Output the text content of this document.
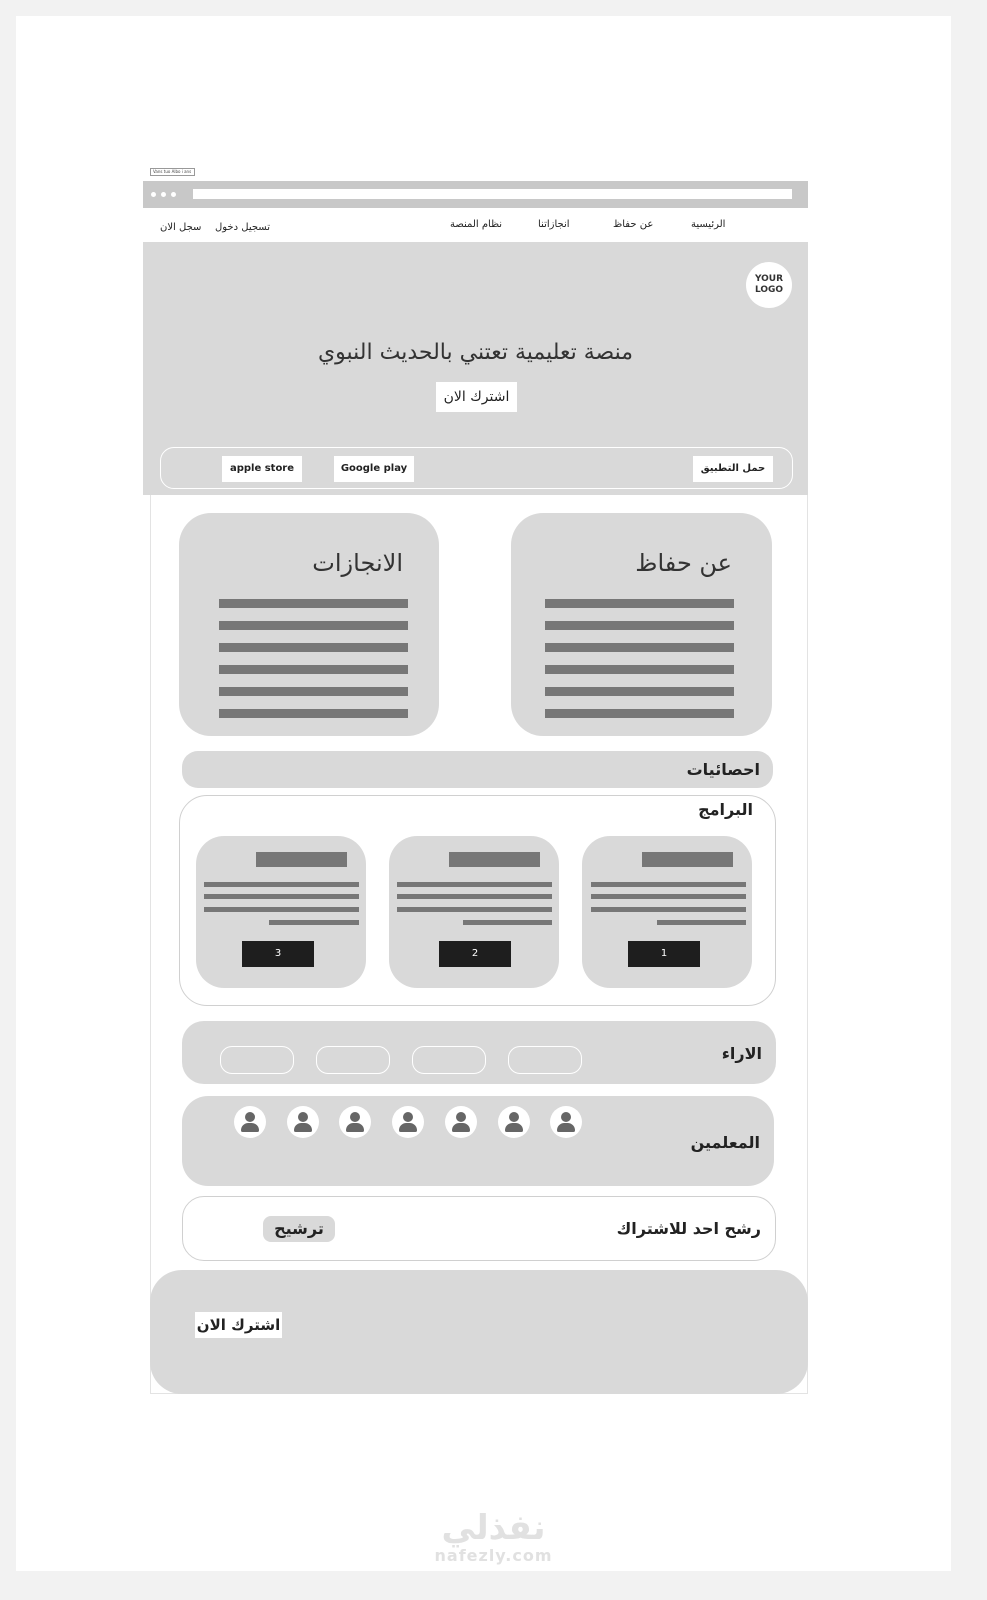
Vans tuo Albo i ans
الرئيسية
عن حفاظ
انجازاتنا
نظام المنصة
تسجيل دخول
سجل الان
YOUR
LOGO
منصة تعليمية تعتني بالحديث النبوي
اشترك الان
حمل التطبيق
Google play
apple store
عن حفاظ
الانجازات
احصائيات
البرامج
1
2
3
الاراء
المعلمين
رشح احد للاشتراك
ترشيح
اشترك الان
نفذلي
nafezly.com
